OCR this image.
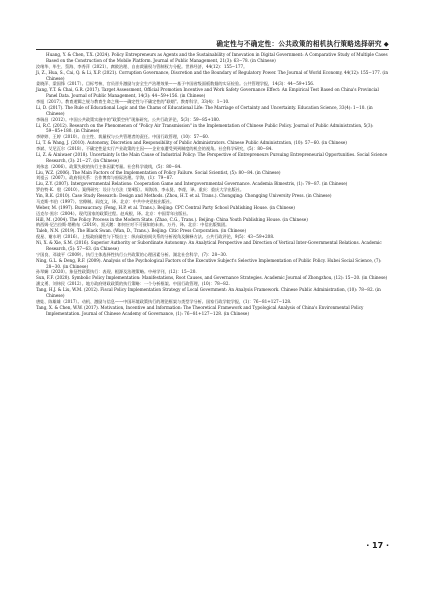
确定性与不确定性：公共政策的相机执行策略选择研究 ◆

Huang, Y. & Chen, T.X. (2024). Policy Entrepreneurs as Agents and the Sustainability of Innovation in Digital Government: A Comparative Study of Multiple Cases Based on the Construction of the Mobile Platform. Journal of Public Management, 21(3): 63−78. (in Chinese)

汝绪华、毕生、蔡海、李秀萍（2021）。腐败治理、自由裁量权与管制权力分配。世界经济，44(12)：155−177。

Ji, Z., Hua, S., Cai, Q. & Li, X.P. (2021). Corruption Governance, Discretion and the Boundary of Regulatory Power. The Journal of World Economy, 44(12): 155−177. (in Chinese)

姜晓萍、梁国锋（2017）。目标考核、官员晋升激励与安全生产治理效果——基于中国省级面板数据的实证检验。公共管理学报，14(3)：44−59+156.

Jiang, Y.T. & Chai, G.R. (2017). Target Assessment, Official Promotion Incentive and Work Safety Governance Effect: An Empirical Test Based on China's Provincial Panel Data. Journal of Public Management, 14(3): 44−59+156. (in Chinese)

李旭（2017）。教育逻辑之规与教育生命之殇——确定性与不确定性的"联姻"。教育科学，33(4)：1−10.

Li, D. (2017). The Rule of Educational Logic and the Chams of Educational Life: The Marriage of Certainty and Uncertainty. Education Science, 33(4): 1−10. (in Chinese)

李瑞昌（2012）。中国公共政策实施中的"政策空传"现象研究。公共行政评论，5(3)：59−85+180.

Li, R.C. (2012). Research on the Phenomenon of "Policy Air Transmission" in the Implementation of Chinese Public Policy. Journal of Public Administration, 5(3): 59−85+180. (in Chinese)

李婷婷、王婷（2010）。自主性、裁量权与公共管理者的责任。中国行政管理，(10)：57−60.

Li, T. & Wang, J. (2010). Autonomy, Discretion and Responsibility of Public Administrators. Chinese Public Administration, (10): 57−60. (in Chinese)

李斌、艾尼瓦尔（2018）。不确定性是实行产业政策的主因——企业家遭受到到制度的机会的视角。社会科学研究，(5)：80−84.

Li, Z. & Ainiwaer (2018). Uncertainty Is the Main Cause of Industrial Policy: The Perspective of Entrepreneurs Pursuing Entrepreneurial Opportunities. Social Science Research, (3): 21−27. (in Chinese)

刘伟忠（2006）。政策失败的执行主体因素考量。社会科学战线，(5)：80−84.

Liu, W.Z. (2006). The Main Factors of the Implementation of Policy Failure. Social Scientist, (5): 80−84. (in Chinese)

刘祖云（2007）。政府间关系：合作博弈与府际治理。学海，(1)：79−87.

Liu, Z.Y. (2007). Intergovernmental Relations: Cooperation Game and Intergovernmental Governance. Academia Bimestris, (1): 79−87. (in Chinese)

罗伯特·K．殷（2010）。案例研究：设计与方法（第4版）。周海涛、李永贤、李虔，译。重庆：重庆大学出版社。

Yin, R.K. (2010). Case Study Research: Design and Methods. (Zhou, H.T. et al. Trans.). Chongqing: Chongqing University Press. (in Chinese)

马克斯·韦伯（1997）。官僚制。阎克文，译。北京：中共中央党校出版社。

Weber, M. (1997). Bureaucracy. (Feng, H.P. et al. Trans.). Beijing: CPC Central Party School Publishing House. (in Chinese)

迈克尔·黑尔（2004）。现代国家的政策过程。赵成根，译。北京：中国青年出版社。

Hill, M. (2004). The Policy Process in the Modern State. (Zhao, C.G., Trans.). Beijing: China Youth Publishing House. (in Chinese)

纳西姆·尼古拉斯·塔勒布（2019）。黑天鹅：如何应对不可预知的未来。万丹、译。北京：中信出版集团。

Taleb, N.N. (2019). The Black Swan. (Wan, D., Trans.). Beijing: Citic Press Corporation. (in Chinese)

倪星、谢水明（2016）。上级政府属性与下级自主：纵向政府间关系的分析视角及解释方法。公共行政评论，9(5)：43−59+208.

Ni, X. & Xie, S.M. (2016). Superior Authority or Subordinate Autonomy: An Analytical Perspective and Direction of Vertical Inter-Governmental Relations. Academic Research, (5): 57−63. (in Chinese)

宁国良、邓战平（2009）。执行主体选择性执行公共政策的心理因素分析。湖北社会科学，(7)：28−30.

Ning, G.L. & Deng, R.F. (2009). Analysis of the Psychological Factors of the Executive Subject's Selective Implementation of Public Policy. Hubei Social Science, (7): 28−30. (in Chinese)

孙翠娴（2020）。象征性政策执行：表现、根源及治理策略。中州学刊，(12)：15−20.

Sun, F.F. (2020). Symbolic Policy Implementation: Manifestations, Root Causes, and Governance Strategies. Academic Journal of Zhongzhou, (12): 15−20. (in Chinese)

潘文勇、刘炜民（2012）。地方政府财政政策的执行策略：一个分析框架。中国行政管理，(10)：78−82.

Tang, H.J. & Liu, W.M. (2012). Fiscal Policy Implementation Strategy of Local Government: An Analysis Framework. Chinese Public Administration, (10): 78−82. (in Chinese)

唐娃、陈雄雄（2017）。动机、激励与信息——中国环境政策执行的理论框架与类型学分析。国家行政学院学报，(1)：76−81+127−128.

Tang, X. & Chen, W.W. (2017). Motivation, Incentive and Information: The Theoretical Framework and Typological Analysis of China's Environmental Policy Implementation. Journal of Chinese Academy of Governance, (1): 76−81+127−128. (in Chinese)

· 17 ·
